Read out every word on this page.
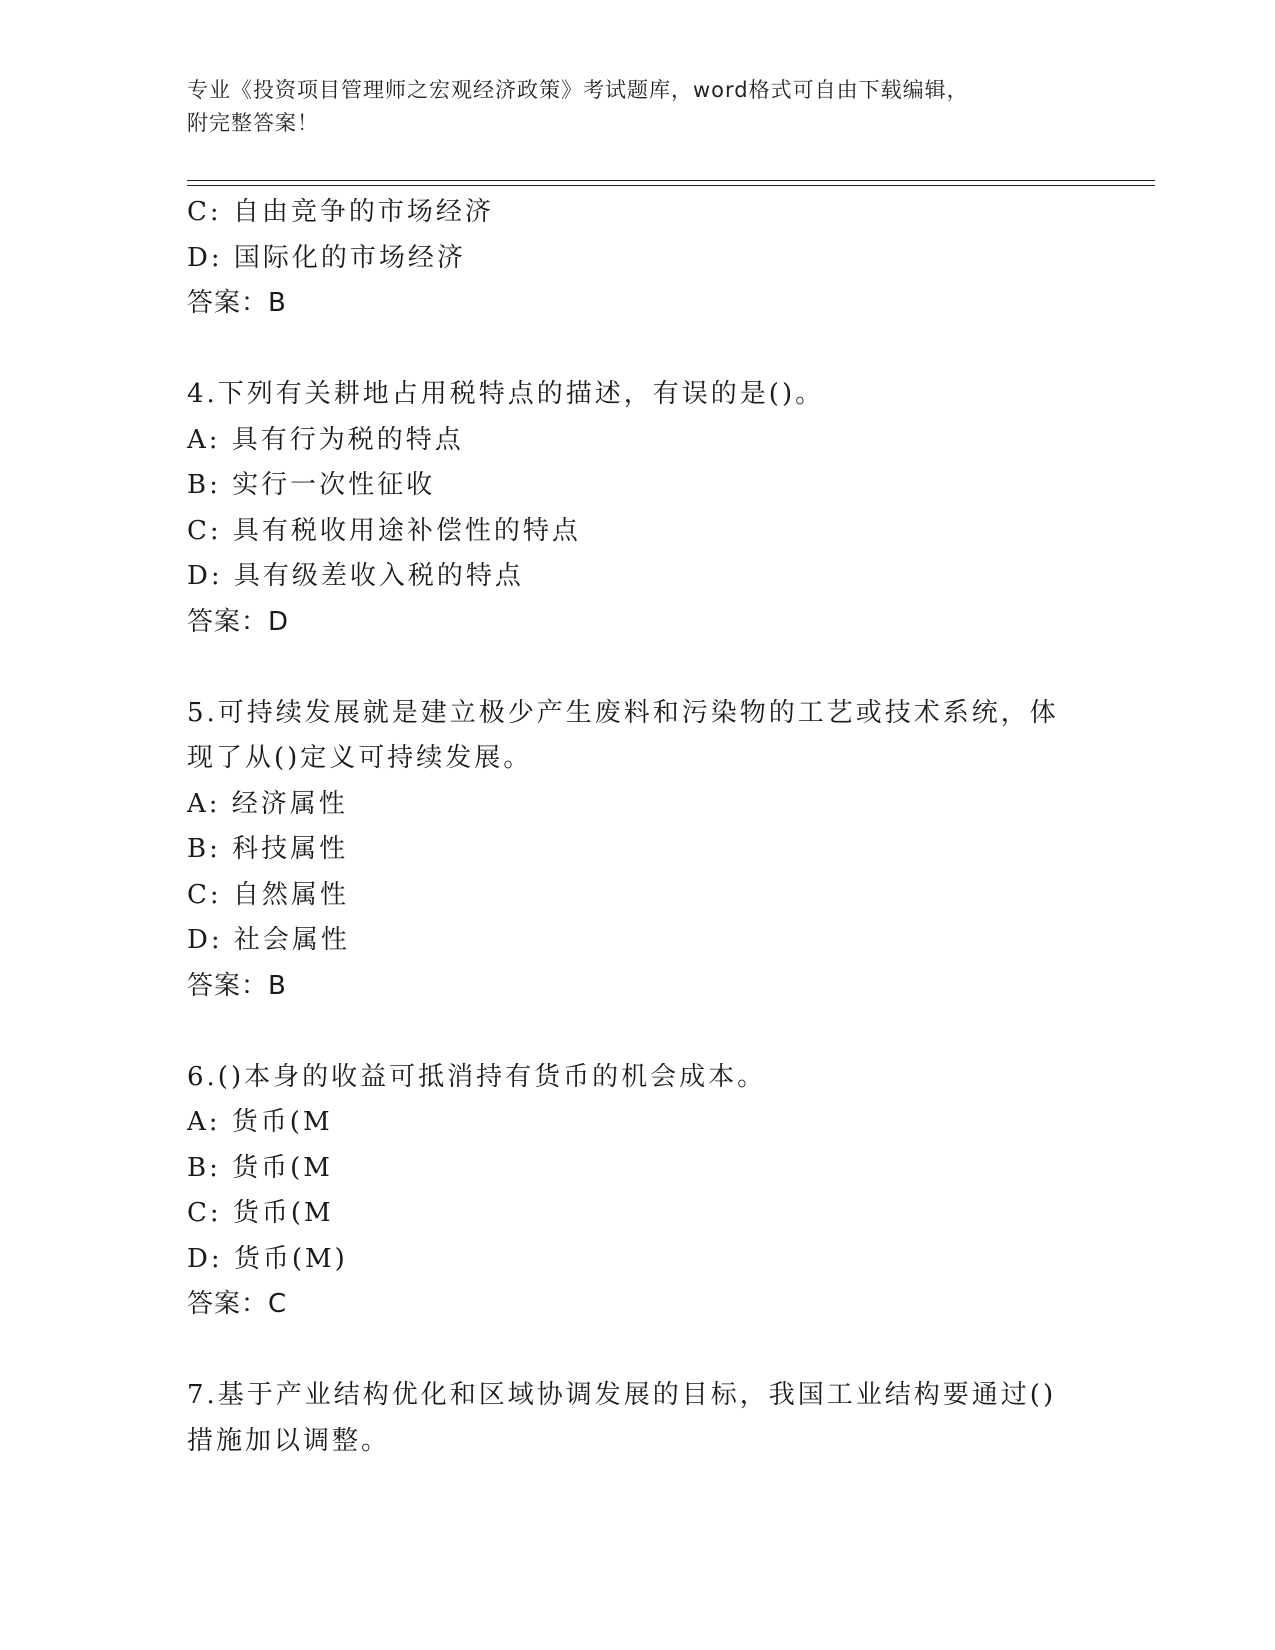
专业《投资项目管理师之宏观经济政策》考试题库，word格式可自由下载编辑，
附完整答案！
C: 自由竞争的市场经济
D: 国际化的市场经济
答案：B
4.下列有关耕地占用税特点的描述，有误的是()。
A: 具有行为税的特点
B: 实行一次性征收
C: 具有税收用途补偿性的特点
D: 具有级差收入税的特点
答案：D
5.可持续发展就是建立极少产生废料和污染物的工艺或技术系统，体
现了从()定义可持续发展。
A: 经济属性
B: 科技属性
C: 自然属性
D: 社会属性
答案：B
6.()本身的收益可抵消持有货币的机会成本。
A: 货币(M
B: 货币(M
C: 货币(M
D: 货币(M)
答案：C
7.基于产业结构优化和区域协调发展的目标，我国工业结构要通过()
措施加以调整。
